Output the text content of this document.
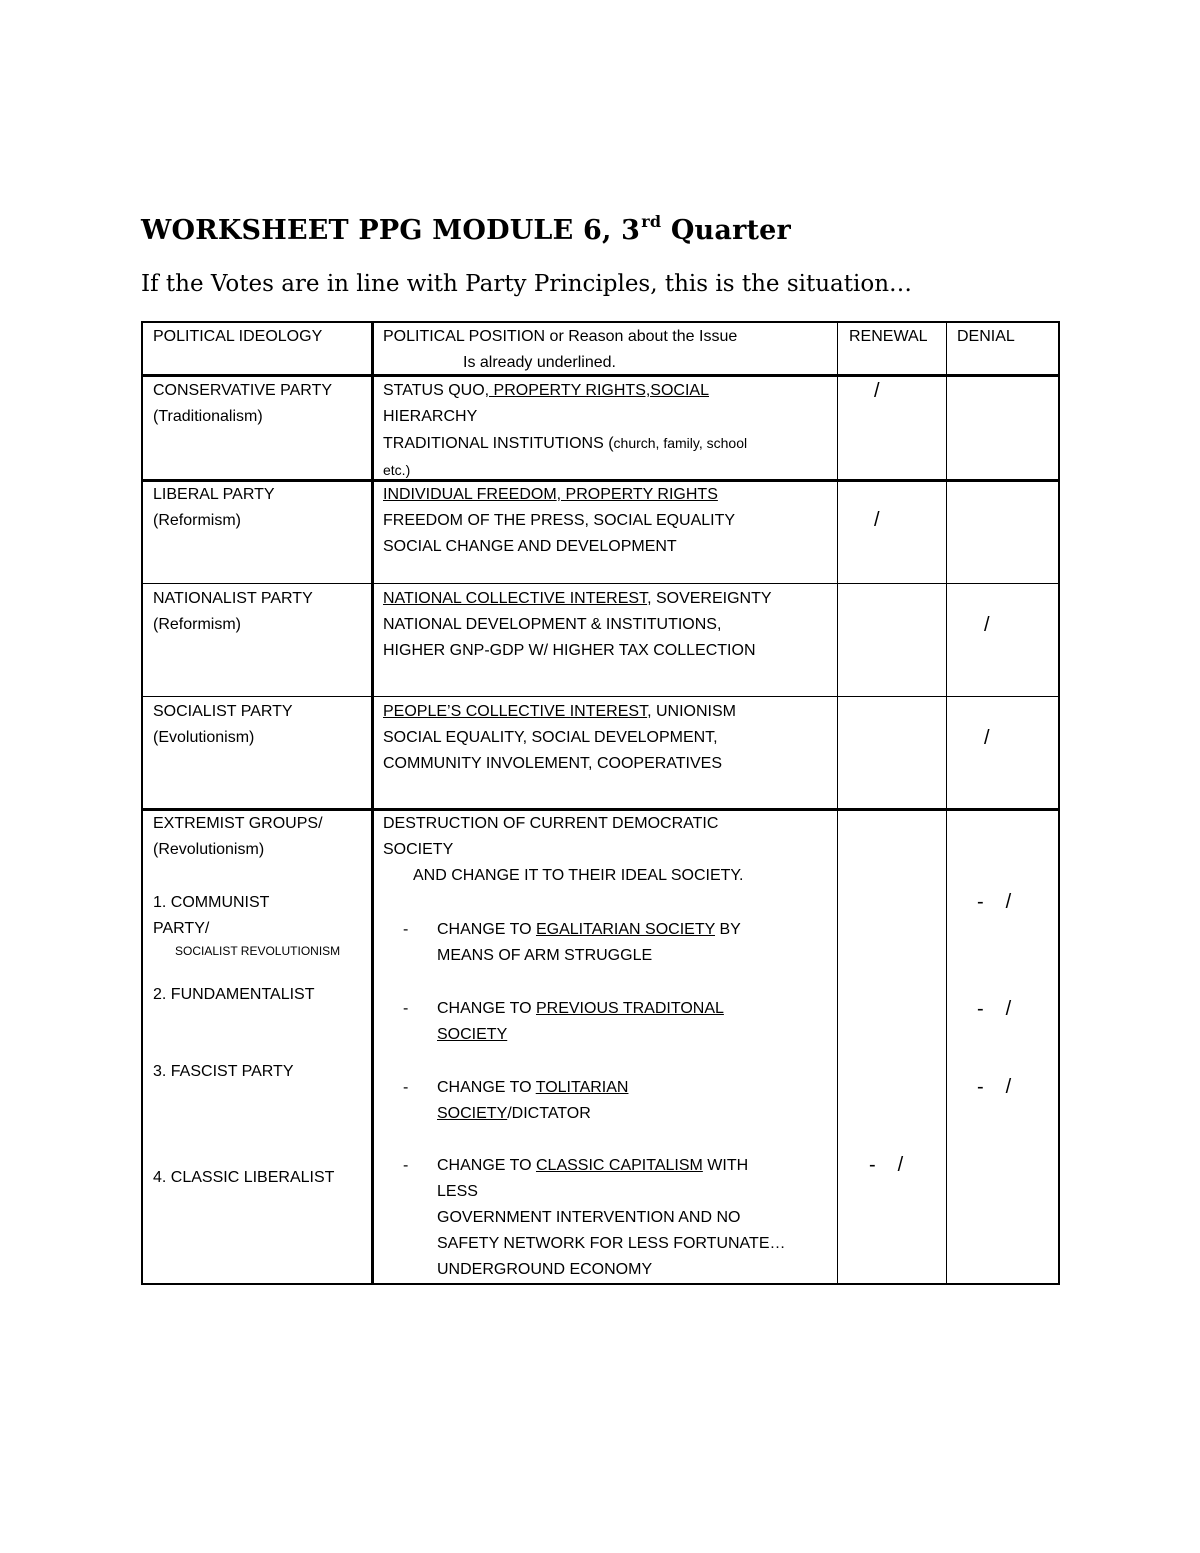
WORKSHEET PPG MODULE 6, 3rd Quarter

If the Votes are in line with Party Principles, this is the situation…

POLITICAL IDEOLOGY	POLITICAL POSITION or Reason about the Issue
Is already underlined.
RENEWAL DENIAL
CONSERVATIVE PARTY
(Traditionalism)
STATUS QUO, PROPERTY RIGHTS,SOCIAL
HIERARCHY
TRADITIONAL INSTITUTIONS (church, family, school
etc.)
/
LIBERAL PARTY
(Reformism)
INDIVIDUAL FREEDOM, PROPERTY RIGHTS
FREEDOM OF THE PRESS, SOCIAL EQUALITY
SOCIAL CHANGE AND DEVELOPMENT
/
NATIONALIST PARTY
(Reformism)
NATIONAL COLLECTIVE INTEREST, SOVEREIGNTY
NATIONAL DEVELOPMENT & INSTITUTIONS,
HIGHER GNP-GDP W/ HIGHER TAX COLLECTION
/
SOCIALIST PARTY
(Evolutionism)
PEOPLE’S COLLECTIVE INTEREST, UNIONISM
SOCIAL EQUALITY, SOCIAL DEVELOPMENT,
COMMUNITY INVOLEMENT, COOPERATIVES
/
EXTREMIST GROUPS/
(Revolutionism)
1. COMMUNIST
PARTY/
SOCIALIST REVOLUTIONISM
2. FUNDAMENTALIST
3. FASCIST PARTY
4. CLASSIC LIBERALIST
DESTRUCTION OF CURRENT DEMOCRATIC
SOCIETY
AND CHANGE IT TO THEIR IDEAL SOCIETY.
- CHANGE TO EGALITARIAN SOCIETY BY
MEANS OF ARM STRUGGLE
- CHANGE TO PREVIOUS TRADITONAL
SOCIETY
- CHANGE TO TOLITARIAN
SOCIETY/DICTATOR
- CHANGE TO CLASSIC CAPITALISM WITH
LESS
GOVERNMENT INTERVENTION AND NO
SAFETY NETWORK FOR LESS FORTUNATE…
UNDERGROUND ECONOMY
- /
- /
- /
- /
